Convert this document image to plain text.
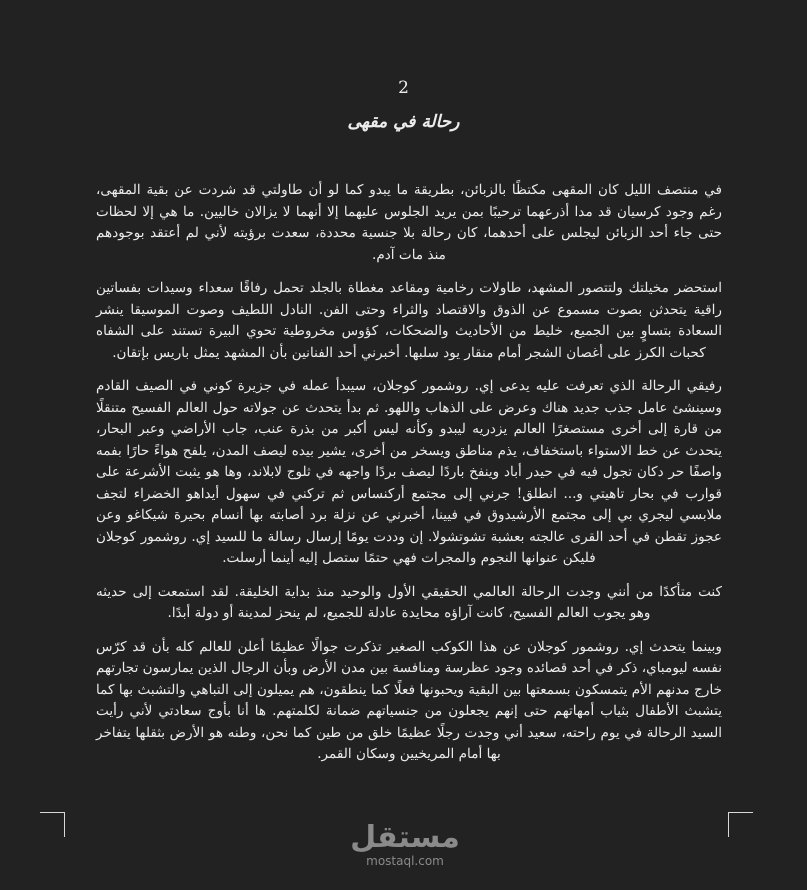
2
رحالة في مقهى

في منتصف الليل كان المقهى مكتظًا بالزبائن، بطريقة ما يبدو كما لو أن طاولتي قد شردت عن بقية المقهى، رغم وجود كرسيان قد مدا أذرعهما ترحيبًا بمن يريد الجلوس عليهما إلا أنهما لا يزالان خاليين. ما هي إلا لحظات حتى جاء أحد الزبائن ليجلس على أحدهما، كان رحالة بلا جنسية محددة، سعدت برؤيته لأني لم أعتقد بوجودهم منذ مات آدم.

استحضر مخيلتك ولتتصور المشهد، طاولات رخامية ومقاعد مغطاة بالجلد تحمل رفاقًا سعداء وسيدات بفساتين راقية يتحدثن بصوت مسموع عن الذوق والاقتصاد والثراء وحتى الفن. النادل اللطيف وصوت الموسيقا ينشر السعادة بتساوٍ بين الجميع، خليط من الأحاديث والضحكات، كؤوس مخروطية تحوي البيرة تستند على الشفاه كحبات الكرز على أغصان الشجر أمام منقار يود سلبها. أخبرني أحد الفنانين بأن المشهد يمثل باريس بإتقان.

رفيقي الرحالة الذي تعرفت عليه يدعى إي. روشمور كوجلان، سيبدأ عمله في جزيرة كوني في الصيف القادم وسينشئ عامل جذب جديد هناك وعرض على الذهاب واللهو. ثم بدأ يتحدث عن جولاته حول العالم الفسيح متنقلًا من قارة إلى أخرى مستصغرًا العالم يزدريه ليبدو وكأنه ليس أكبر من بذرة عنب، جاب الأراضي وعبر البحار، يتحدث عن خط الاستواء باستخفاف، يذم مناطق ويسخر من أخرى، يشير بيده ليصف المدن، يلفح هواءً حارًا بفمه واصفًا حر دكان تجول فيه في حيدر أباد وينفخ باردًا ليصف بردًا واجهه في ثلوج لابلاند، وها هو يثبت الأشرعة على قوارب في بحار تاهيتي و... انطلق! جرني إلى مجتمع أركنساس ثم تركني في سهول أيداهو الخضراء لتجف ملابسي ليجري بي إلى مجتمع الأرشيدوق في فيينا، أخبرني عن نزلة برد أصابته بها أنسام بحيرة شيكاغو وعن عجوز تقطن في أحد القرى عالجته بعشبة تشوتشولا. إن وددت يومًا إرسال رسالة ما للسيد إي. روشمور كوجلان فليكن عنوانها النجوم والمجرات فهي حتمًا ستصل إليه أينما أرسلت.

كنت متأكدًا من أنني وجدت الرحالة العالمي الحقيقي الأول والوحيد منذ بداية الخليقة. لقد استمعت إلى حديثه وهو يجوب العالم الفسيح، كانت آراؤه محايدة عادلة للجميع، لم ينحز لمدينة أو دولة أبدًا.

وبينما يتحدث إي. روشمور كوجلان عن هذا الكوكب الصغير تذكرت جوالًا عظيمًا أعلن للعالم كله بأن قد كرّس نفسه ليومباي، ذكر في أحد قصائده وجود عظرسة ومنافسة بين مدن الأرض وبأن الرجال الذين يمارسون تجارتهم خارج مدنهم الأم يتمسكون بسمعتها بين البقية ويحبونها فعلًا كما ينطقون، هم يميلون إلى التباهي والتشبث بها كما يتشبث الأطفال بثياب أمهاتهم حتى إنهم يجعلون من جنسياتهم ضمانة لكلمتهم. ها أنا بأوج سعادتي لأني رأيت السيد الرحالة في يوم راحته، سعيد أني وجدت رجلًا عظيمًا خلق من طين كما نحن، وطنه هو الأرض بثقلها يتفاخر بها أمام المريخيين وسكان القمر.

مستقل
mostaql.com
